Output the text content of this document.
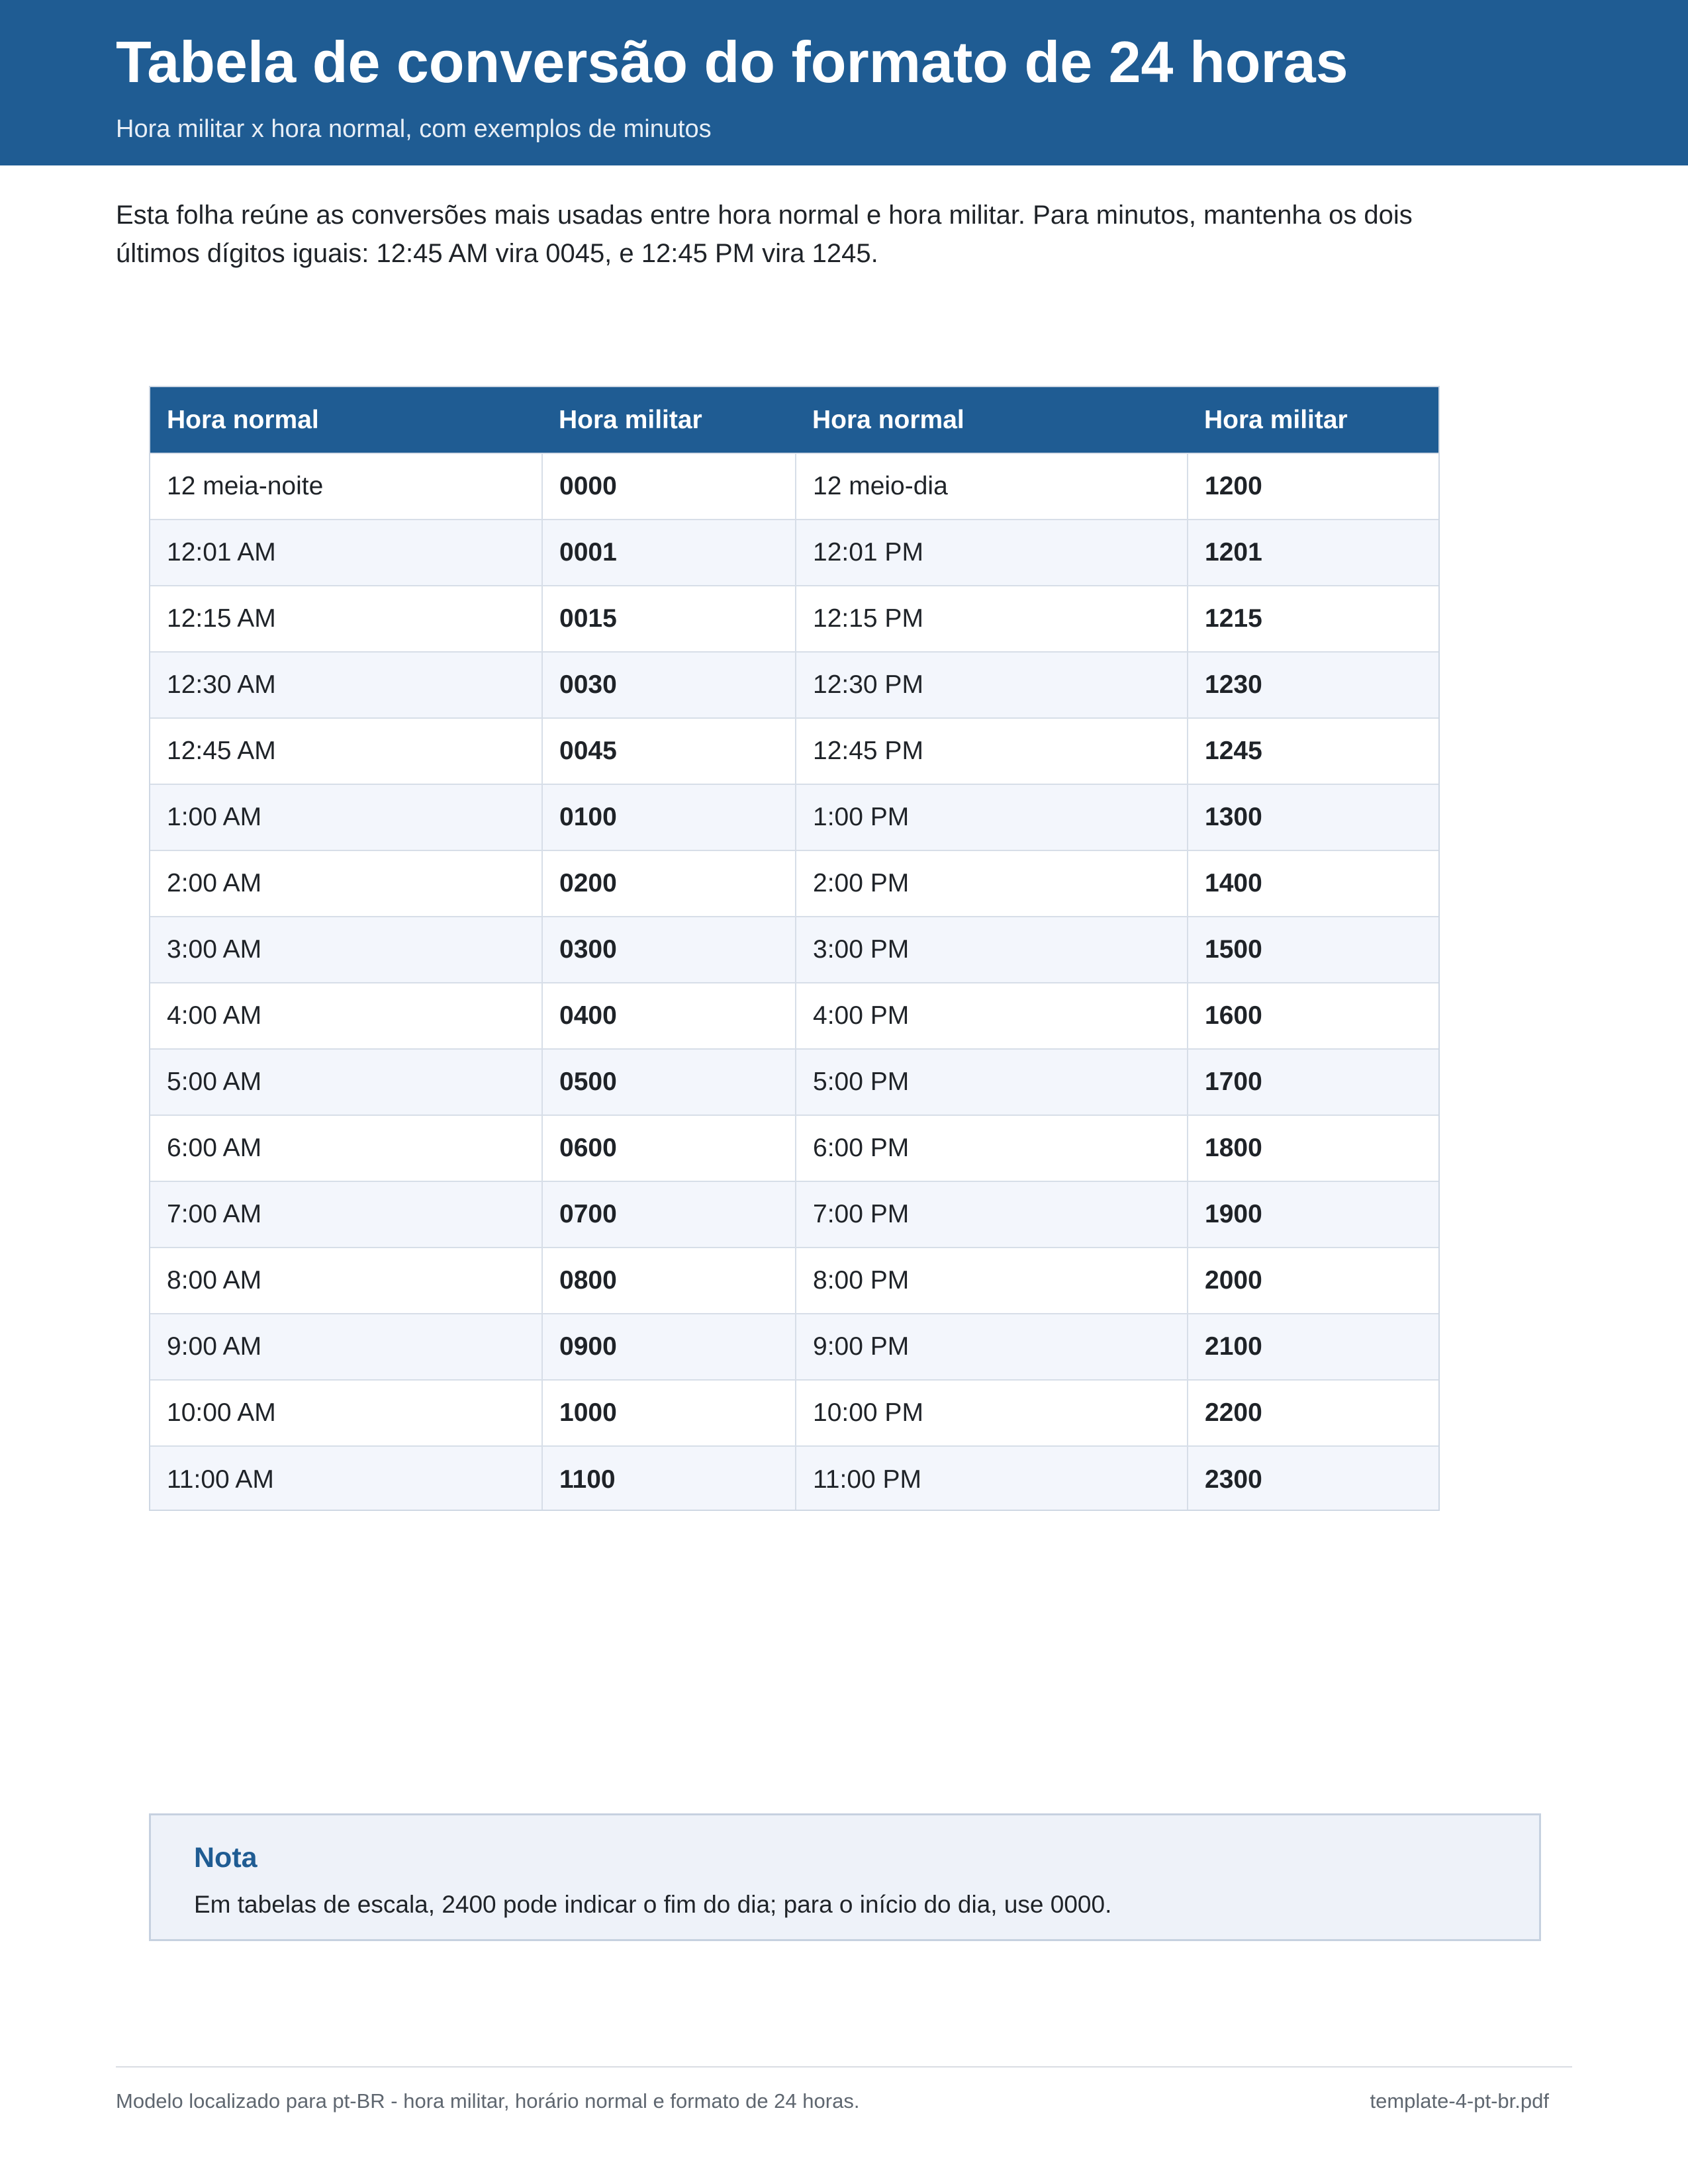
Tabela de conversão do formato de 24 horas
Hora militar x hora normal, com exemplos de minutos

Esta folha reúne as conversões mais usadas entre hora normal e hora militar. Para minutos, mantenha os dois últimos dígitos iguais: 12:45 AM vira 0045, e 12:45 PM vira 1245.

Hora normal	Hora militar	Hora normal	Hora militar
12 meia-noite	0000	12 meio-dia	1200
12:01 AM	0001	12:01 PM	1201
12:15 AM	0015	12:15 PM	1215
12:30 AM	0030	12:30 PM	1230
12:45 AM	0045	12:45 PM	1245
1:00 AM	0100	1:00 PM	1300
2:00 AM	0200	2:00 PM	1400
3:00 AM	0300	3:00 PM	1500
4:00 AM	0400	4:00 PM	1600
5:00 AM	0500	5:00 PM	1700
6:00 AM	0600	6:00 PM	1800
7:00 AM	0700	7:00 PM	1900
8:00 AM	0800	8:00 PM	2000
9:00 AM	0900	9:00 PM	2100
10:00 AM	1000	10:00 PM	2200
11:00 AM	1100	11:00 PM	2300
Nota
Em tabelas de escala, 2400 pode indicar o fim do dia; para o início do dia, use 0000.
Modelo localizado para pt-BR - hora militar, horário normal e formato de 24 horas.	template-4-pt-br.pdf
